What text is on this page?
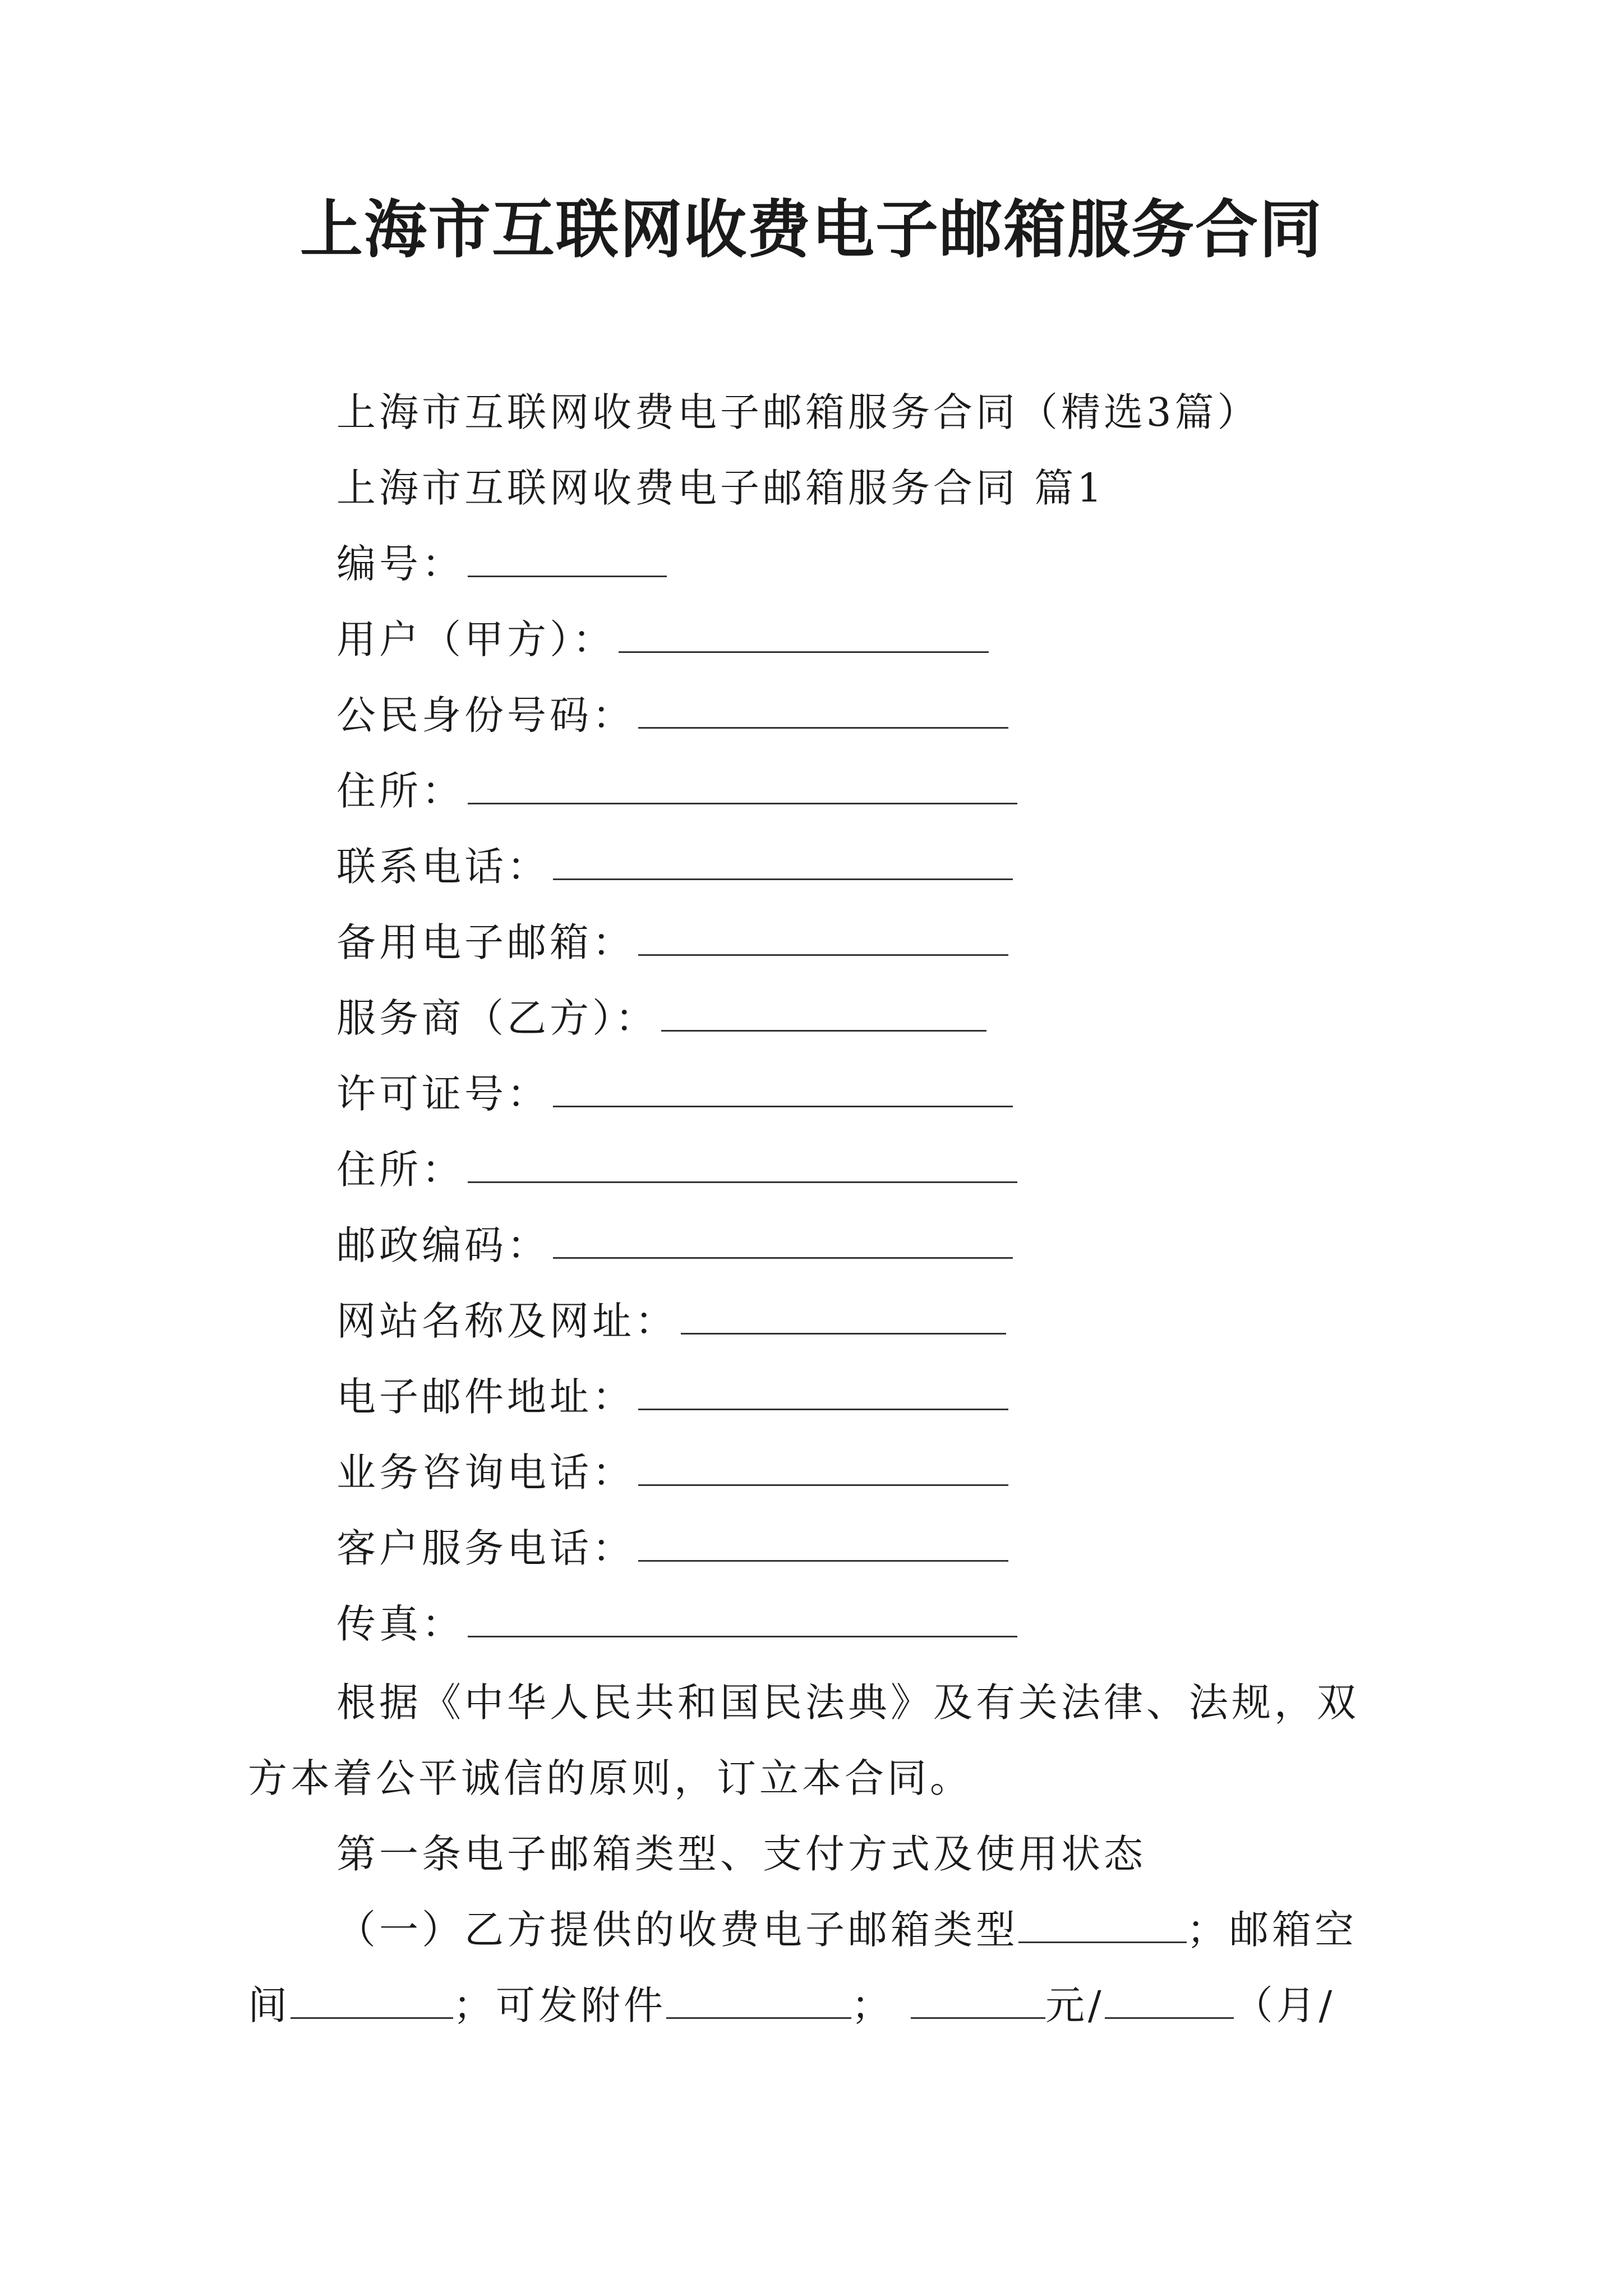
上海市互联网收费电子邮箱服务合同
上海市互联网收费电子邮箱服务合同（精选3篇）
上海市互联网收费电子邮箱服务合同 篇1
编号：
用户（甲方）：
公民身份号码：
住所：
联系电话：
备用电子邮箱：
服务商（乙方）：
许可证号：
住所：
邮政编码：
网站名称及网址：
电子邮件地址：
业务咨询电话：
客户服务电话：
传真：
根据《中华人民共和国民法典》及有关法律、法规，双
方本着公平诚信的原则，订立本合同。
第一条电子邮箱类型、支付方式及使用状态
（一）乙方提供的收费电子邮箱类型	；邮箱空
间	；可发附件	；	元/	（月/
